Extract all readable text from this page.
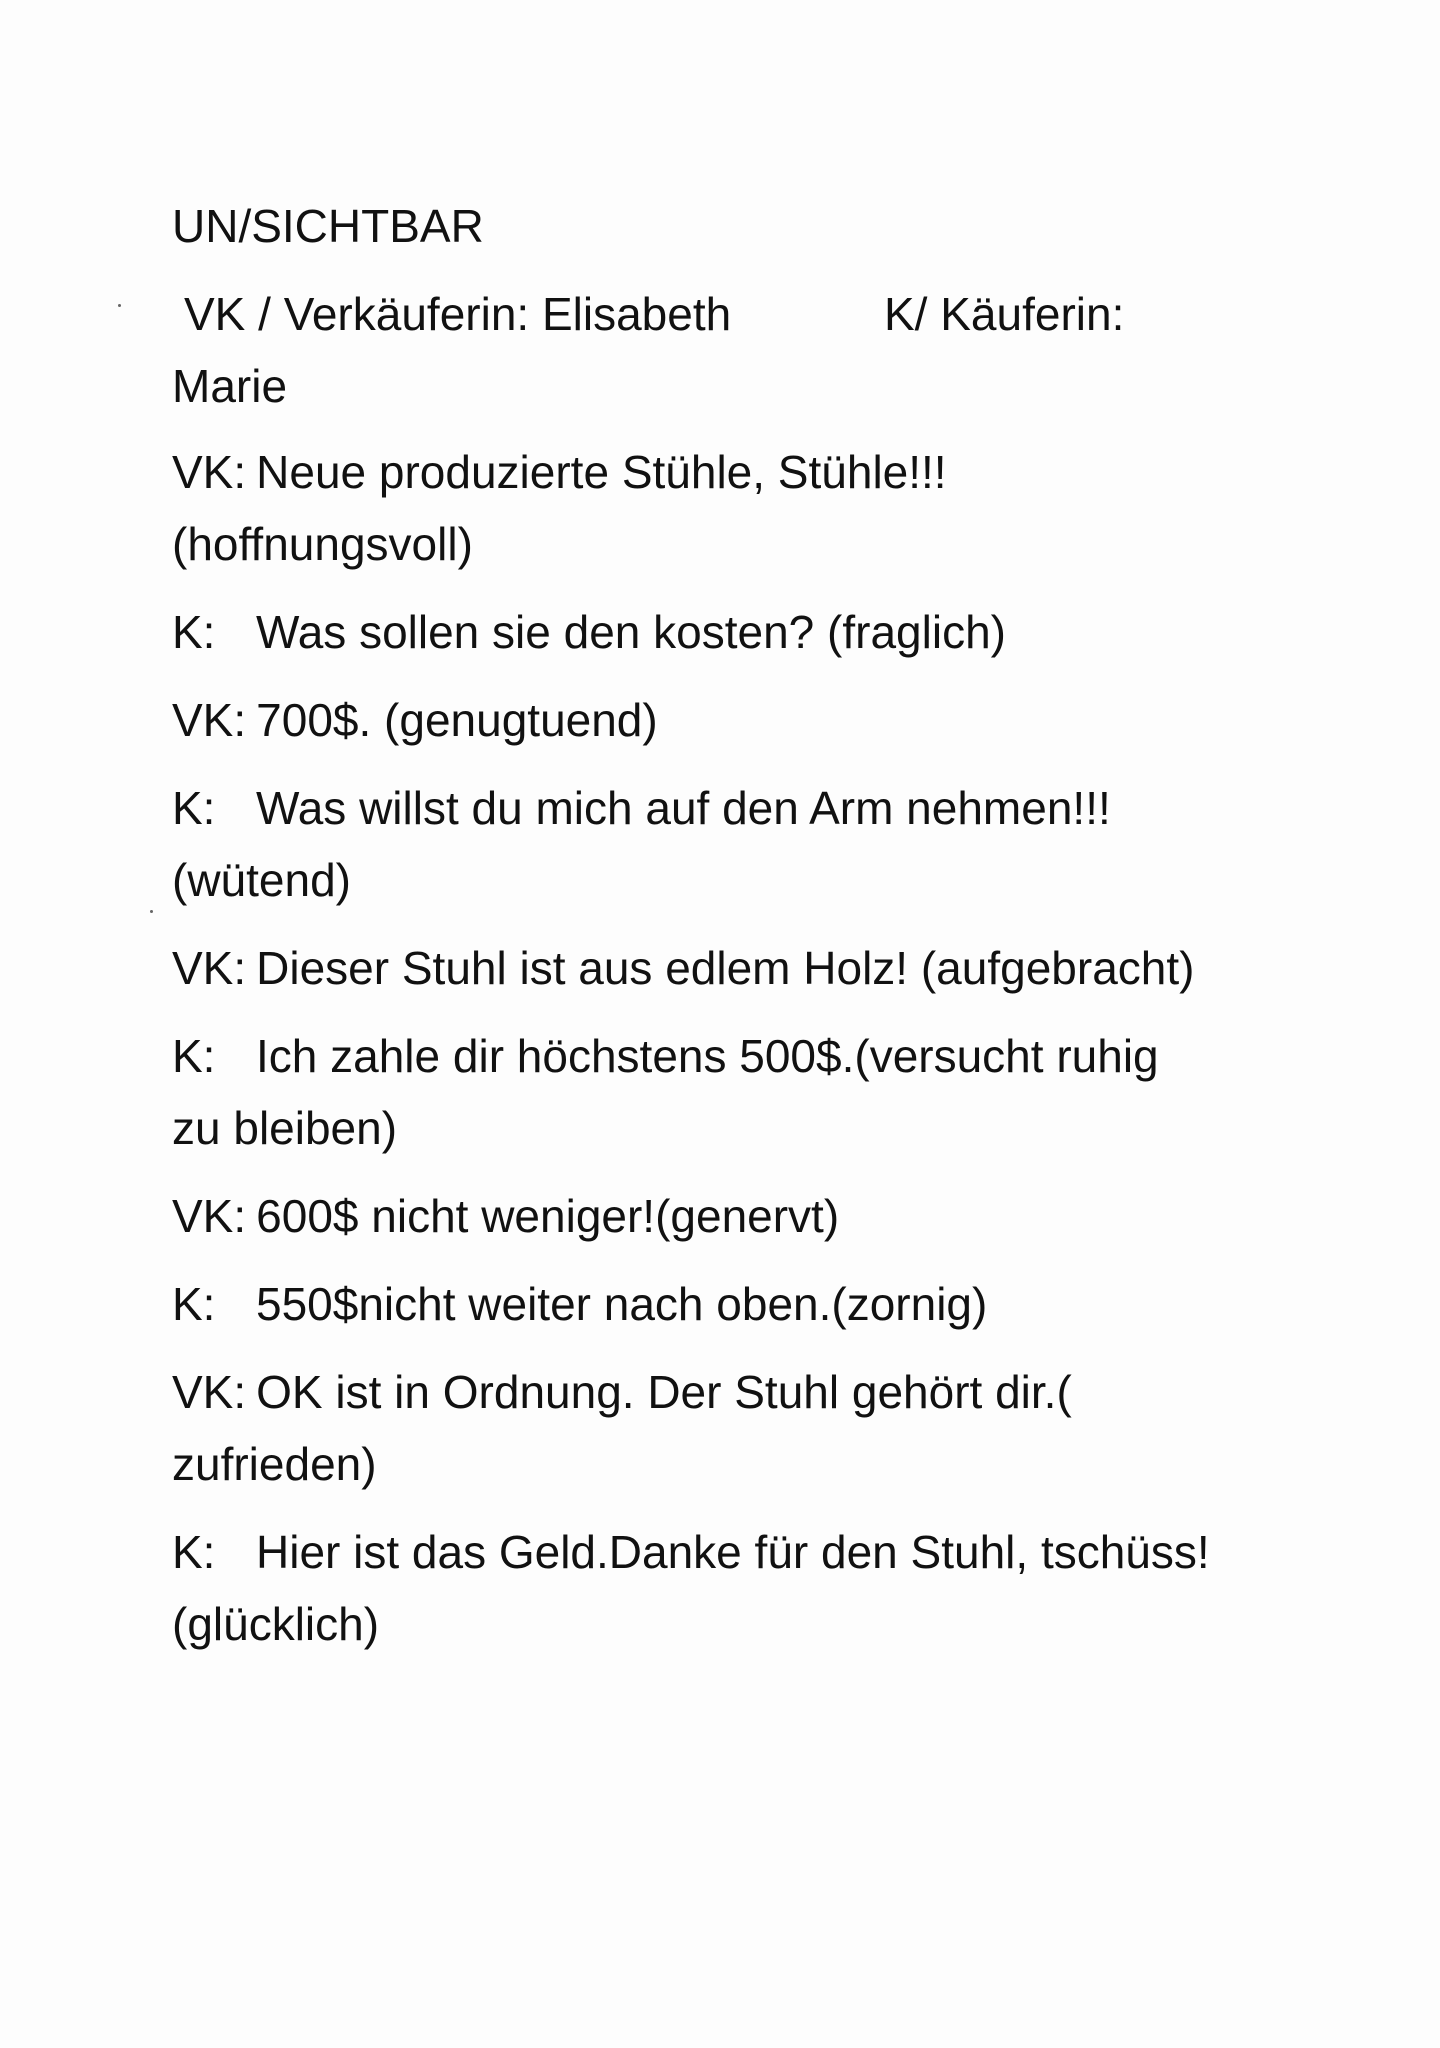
UN/SICHTBAR
VK / Verkäuferin: Elisabeth	K/ Käuferin:
Marie
VK: Neue produzierte Stühle, Stühle!!!
(hoffnungsvoll)
K: Was sollen sie den kosten? (fraglich)
VK: 700$. (genugtuend)
K: Was willst du mich auf den Arm nehmen!!!
(wütend)
VK: Dieser Stuhl ist aus edlem Holz! (aufgebracht)
K: Ich zahle dir höchstens 500$.(versucht ruhig
zu bleiben)
VK: 600$ nicht weniger!(genervt)
K: 550$nicht weiter nach oben.(zornig)
VK: OK ist in Ordnung. Der Stuhl gehört dir.(
zufrieden)
K: Hier ist das Geld.Danke für den Stuhl, tschüss!
(glücklich)
